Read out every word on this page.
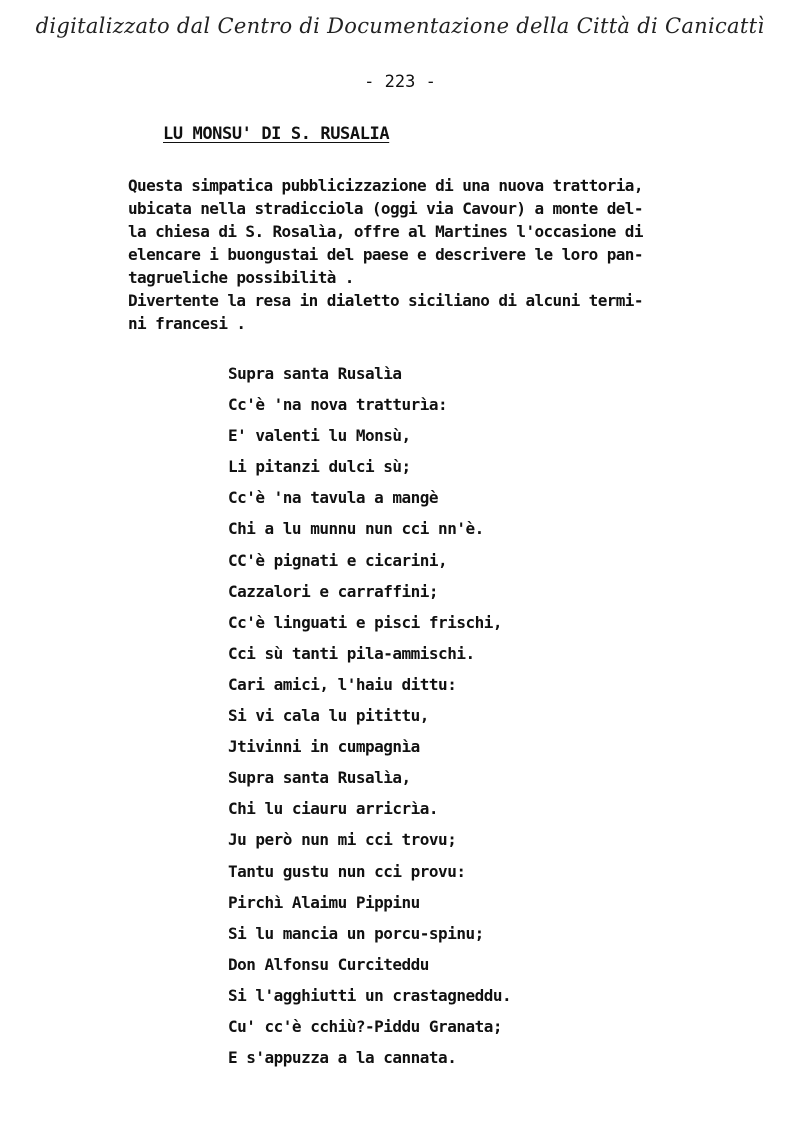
digitalizzato dal Centro di Documentazione della Città di Canicattì
- 223 -
LU MONSU' DI S. RUSALIA
Questa simpatica pubblicizzazione di una nuova trattoria,
ubicata nella stradicciola (oggi via Cavour) a monte del-
la chiesa di S. Rosalìa, offre al Martines l'occasione di
elencare i buongustai del paese e descrivere le loro pan-
tagrueliche possibilità .
Divertente la resa in dialetto siciliano di alcuni termi-
ni francesi .
Supra santa Rusalìa
Cc'è 'na nova tratturìa:
E' valenti lu Monsù,
Li pitanzi dulci sù;
Cc'è 'na tavula a mangè
Chi a lu munnu nun cci nn'è.
CC'è pignati e cicarini,
Cazzalori e carraffini;
Cc'è linguati e pisci frischi,
Cci sù tanti pila-ammischi.
Cari amici, l'haiu dittu:
Si vi cala lu pitittu,
Jtivinni in cumpagnìa
Supra santa Rusalìa,
Chi lu ciauru arricrìa.
Ju però nun mi cci trovu;
Tantu gustu nun cci provu:
Pirchì Alaimu Pippinu
Si lu mancia un porcu-spinu;
Don Alfonsu Curciteddu
Si l'agghiutti un crastagneddu.
Cu' cc'è cchiù?-Piddu Granata;
E s'appuzza a la cannata.
